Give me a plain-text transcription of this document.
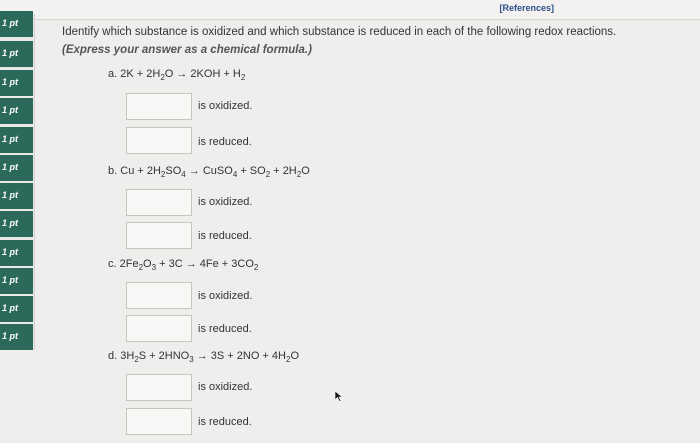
[References]
1 pt
1 pt
1 pt
1 pt
1 pt
1 pt
1 pt
1 pt
1 pt
1 pt
1 pt
1 pt
Identify which substance is oxidized and which substance is reduced in each of the following redox reactions.
(Express your answer as a chemical formula.)
a. $2K + 2H_2O \to 2KOH + H_2$
is oxidized.
is reduced.
b. $Cu + 2H_2SO_4$ → CuSO$_4$ + $SO_2 + 2H_2O$
is oxidized.
is reduced.
c. $2Fe_2O_3 + 3C \to 4Fe + 3CO_2$
is oxidized.
is reduced.
d. $3H_2S + 2HNO_3 \to 3S + 2NO + 4H_2O$
is oxidized.
is reduced.
